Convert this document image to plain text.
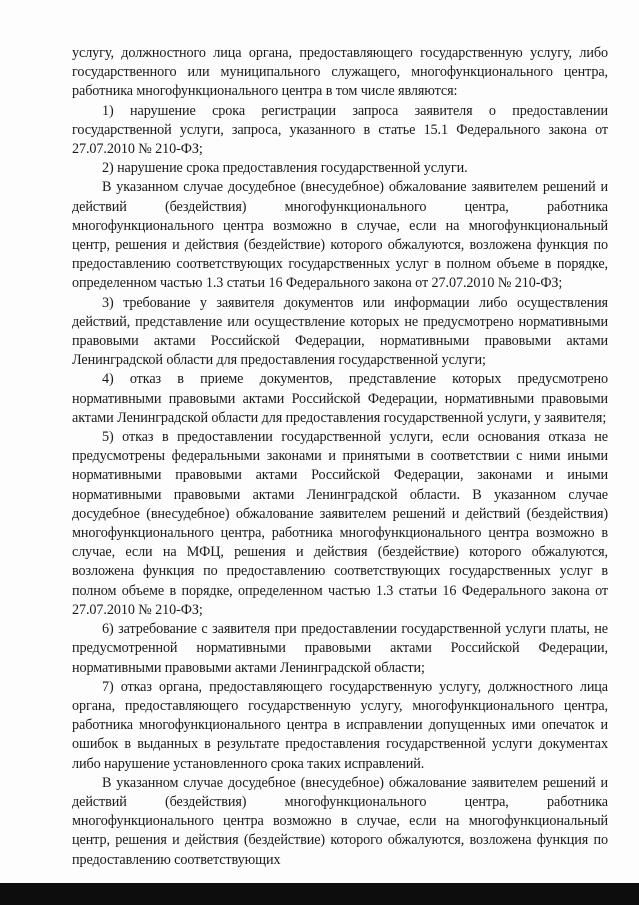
услугу, должностного лица органа, предоставляющего государственную услугу, либо государственного или муниципального служащего, многофункционального центра, работника многофункционального центра в том числе являются:

1) нарушение срока регистрации запроса заявителя о предоставлении государственной услуги, запроса, указанного в статье 15.1 Федерального закона от 27.07.2010 № 210-ФЗ;

2) нарушение срока предоставления государственной услуги.

В указанном случае досудебное (внесудебное) обжалование заявителем решений и действий (бездействия) многофункционального центра, работника многофункционального центра возможно в случае, если на многофункциональный центр, решения и действия (бездействие) которого обжалуются, возложена функция по предоставлению соответствующих государственных услуг в полном объеме в порядке, определенном частью 1.3 статьи 16 Федерального закона от 27.07.2010 № 210-ФЗ;

3) требование у заявителя документов или информации либо осуществления действий, представление или осуществление которых не предусмотрено нормативными правовыми актами Российской Федерации, нормативными правовыми актами Ленинградской области для предоставления государственной услуги;

4) отказ в приеме документов, представление которых предусмотрено нормативными правовыми актами Российской Федерации, нормативными правовыми актами Ленинградской области для предоставления государственной услуги, у заявителя;

5) отказ в предоставлении государственной услуги, если основания отказа не предусмотрены федеральными законами и принятыми в соответствии с ними иными нормативными правовыми актами Российской Федерации, законами и иными нормативными правовыми актами Ленинградской области. В указанном случае досудебное (внесудебное) обжалование заявителем решений и действий (бездействия) многофункционального центра, работника многофункционального центра возможно в случае, если на МФЦ, решения и действия (бездействие) которого обжалуются, возложена функция по предоставлению соответствующих государственных услуг в полном объеме в порядке, определенном частью 1.3 статьи 16 Федерального закона от 27.07.2010 № 210-ФЗ;

6) затребование с заявителя при предоставлении государственной услуги платы, не предусмотренной нормативными правовыми актами Российской Федерации, нормативными правовыми актами Ленинградской области;

7) отказ органа, предоставляющего государственную услугу, должностного лица органа, предоставляющего государственную услугу, многофункционального центра, работника многофункционального центра в исправлении допущенных ими опечаток и ошибок в выданных в результате предоставления государственной услуги документах либо нарушение установленного срока таких исправлений.

В указанном случае досудебное (внесудебное) обжалование заявителем решений и действий (бездействия) многофункционального центра, работника многофункционального центра возможно в случае, если на многофункциональный центр, решения и действия (бездействие) которого обжалуются, возложена функция по предоставлению соответствующих
